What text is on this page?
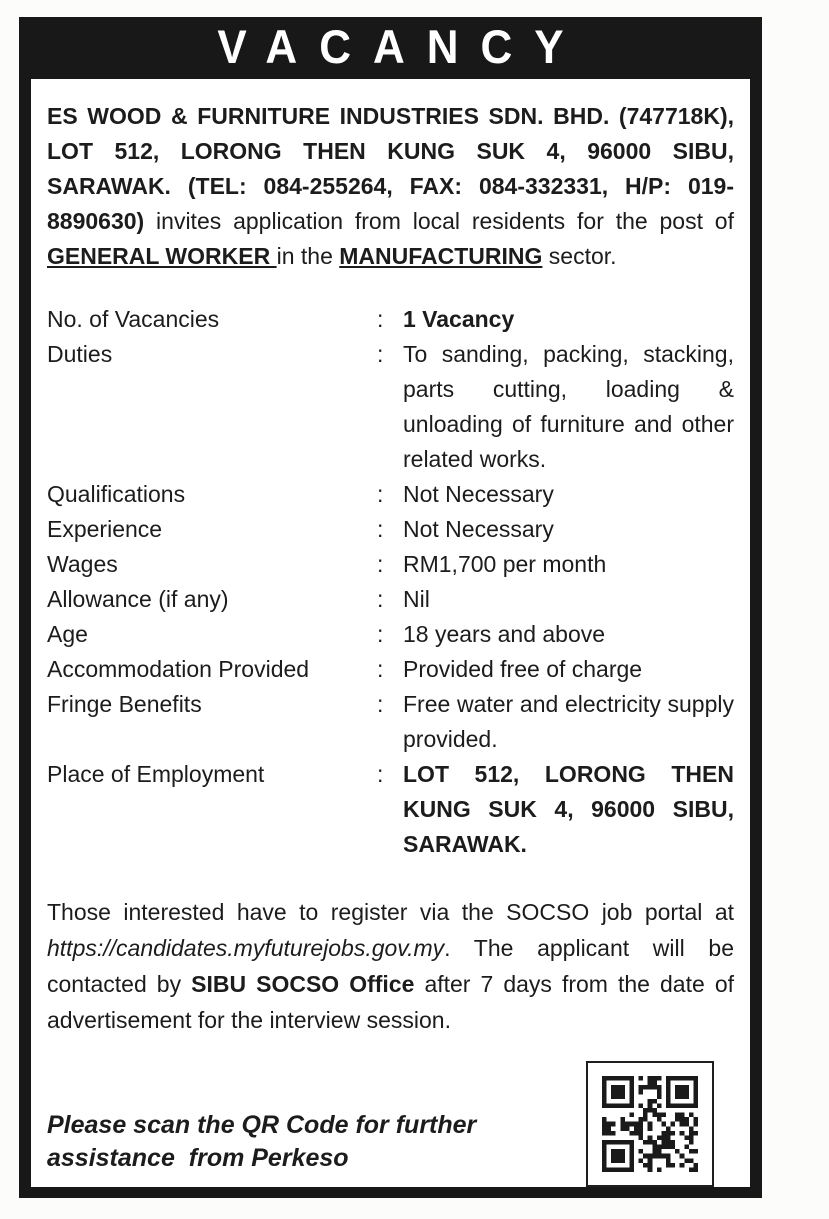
VACANCY

ES WOOD & FURNITURE INDUSTRIES SDN. BHD. (747718K), LOT 512, LORONG THEN KUNG SUK 4, 96000 SIBU, SARAWAK. (TEL: 084-255264, FAX: 084-332331, H/P: 019-8890630) invites application from local residents for the post of GENERAL WORKER in the MANUFACTURING sector.

No. of Vacancies	: 1 Vacancy
Duties	: To sanding, packing, stacking, parts cutting, loading & unloading of furniture and other related works.
Qualifications	: Not Necessary
Experience	: Not Necessary
Wages	: RM1,700 per month
Allowance (if any)	: Nil
Age	: 18 years and above
Accommodation Provided	: Provided free of charge
Fringe Benefits	: Free water and electricity supply provided.
Place of Employment	: LOT 512, LORONG THEN KUNG SUK 4, 96000 SIBU, SARAWAK.

Those interested have to register via the SOCSO job portal at https://candidates.myfuturejobs.gov.my. The applicant will be contacted by SIBU SOCSO Office after 7 days from the date of advertisement for the interview session.

Please scan the QR Code for further
assistance  from Perkeso
